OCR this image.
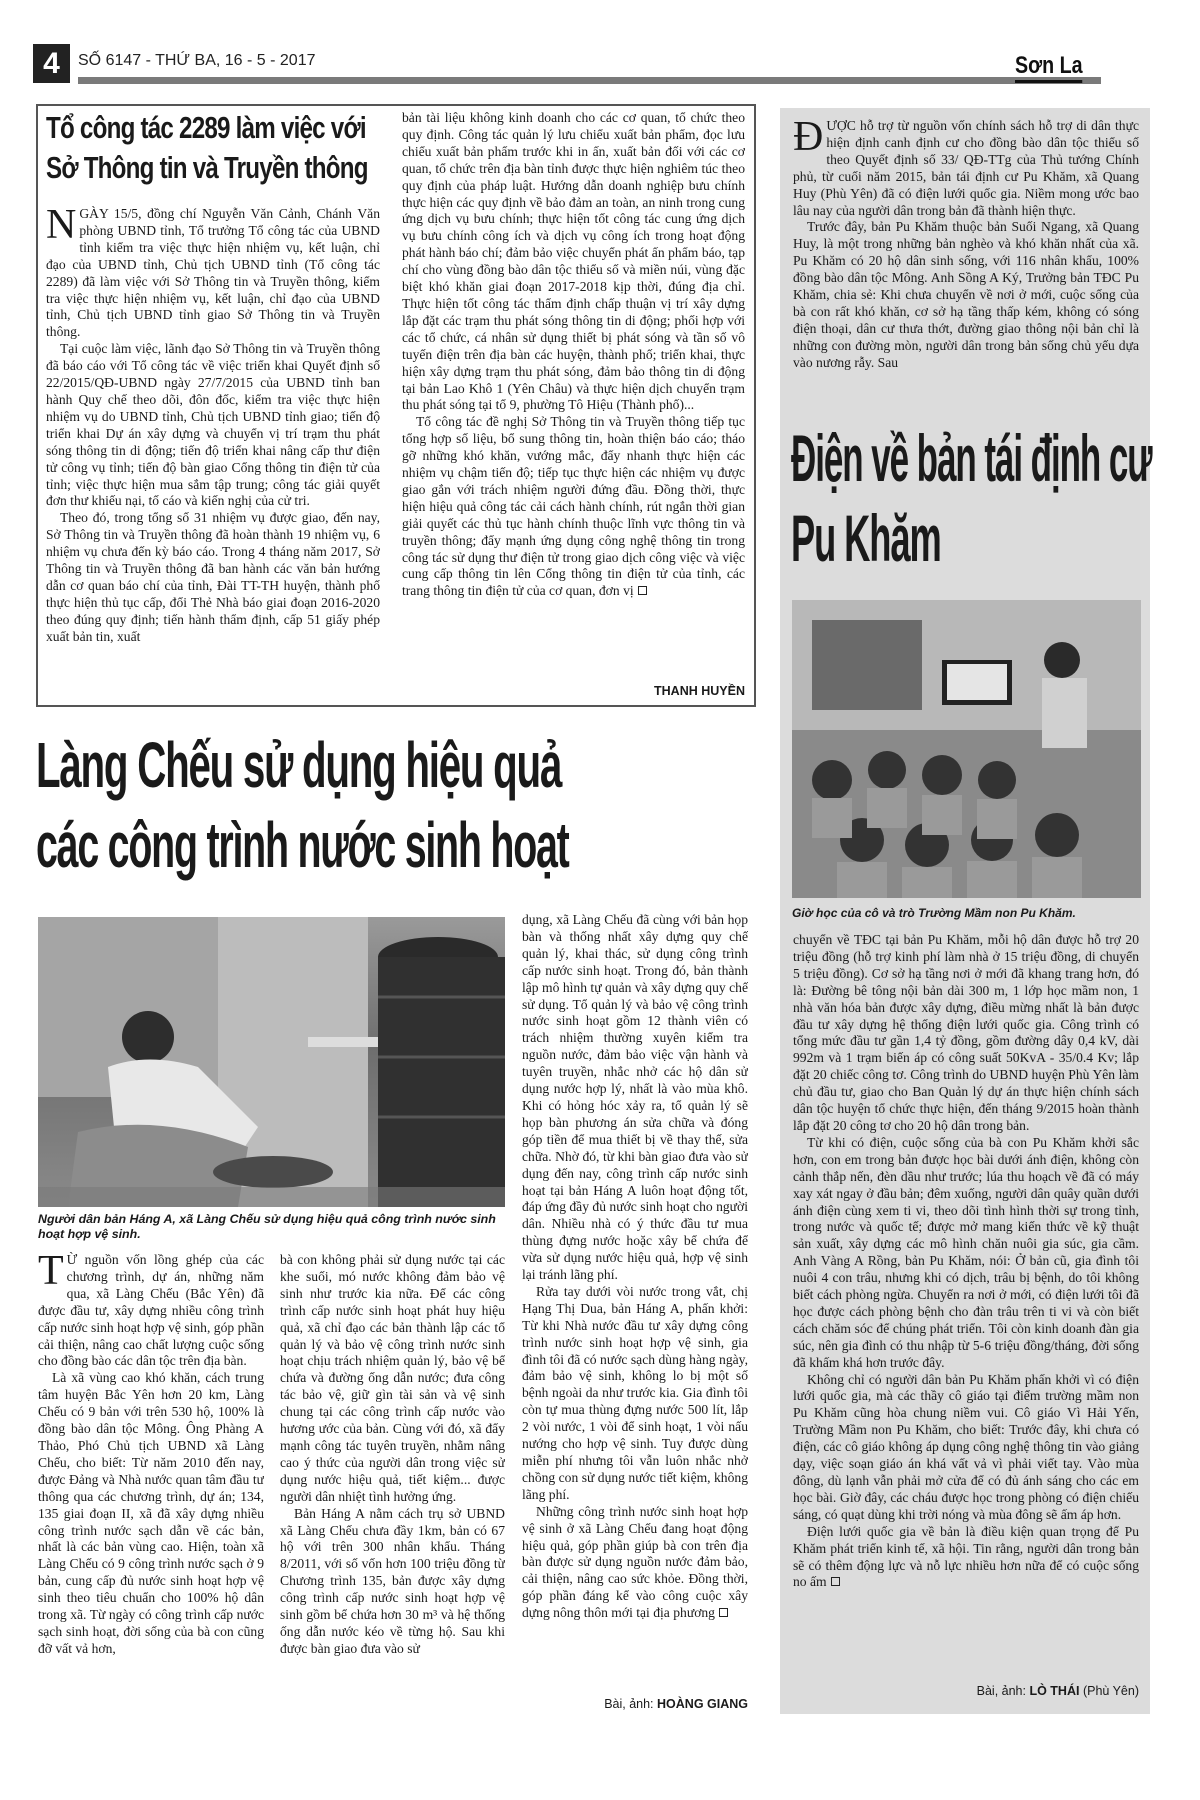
4	SỐ 6147 - THỨ BA, 16 - 5 - 2017	Sơn La
Tổ công tác 2289 làm việc với
Sở Thông tin và Truyền thông

NGÀY 15/5, đồng chí Nguyễn Văn Cảnh, Chánh Văn phòng UBND tỉnh, Tổ trưởng Tổ công tác của UBND tỉnh kiểm tra việc thực hiện nhiệm vụ, kết luận, chỉ đạo của UBND tỉnh, Chủ tịch UBND tỉnh (Tổ công tác 2289) đã làm việc với Sở Thông tin và Truyền thông, kiểm tra việc thực hiện nhiệm vụ, kết luận, chỉ đạo của UBND tỉnh, Chủ tịch UBND tỉnh giao Sở Thông tin và Truyền thông.

Tại cuộc làm việc, lãnh đạo Sở Thông tin và Truyền thông đã báo cáo với Tổ công tác về việc triển khai Quyết định số 22/2015/QĐ-UBND ngày 27/7/2015 của UBND tỉnh ban hành Quy chế theo dõi, đôn đốc, kiểm tra việc thực hiện nhiệm vụ do UBND tỉnh, Chủ tịch UBND tỉnh giao; tiến độ triển khai Dự án xây dựng và chuyển vị trí trạm thu phát sóng thông tin di động; tiến độ triển khai nâng cấp thư điện tử công vụ tỉnh; tiến độ bàn giao Cổng thông tin điện tử của tỉnh; việc thực hiện mua sắm tập trung; công tác giải quyết đơn thư khiếu nại, tố cáo và kiến nghị của cử tri.

Theo đó, trong tổng số 31 nhiệm vụ được giao, đến nay, Sở Thông tin và Truyền thông đã hoàn thành 19 nhiệm vụ, 6 nhiệm vụ chưa đến kỳ báo cáo. Trong 4 tháng năm 2017, Sở Thông tin và Truyền thông đã ban hành các văn bản hướng dẫn cơ quan báo chí của tỉnh, Đài TT-TH huyện, thành phố thực hiện thủ tục cấp, đổi Thẻ Nhà báo giai đoạn 2016-2020 theo đúng quy định; tiến hành thẩm định, cấp 51 giấy phép xuất bản tin, xuất

bản tài liệu không kinh doanh cho các cơ quan, tổ chức theo quy định. Công tác quản lý lưu chiểu xuất bản phẩm, đọc lưu chiểu xuất bản phẩm trước khi in ấn, xuất bản đối với các cơ quan, tổ chức trên địa bàn tỉnh được thực hiện nghiêm túc theo quy định của pháp luật. Hướng dẫn doanh nghiệp bưu chính thực hiện các quy định về bảo đảm an toàn, an ninh trong cung ứng dịch vụ bưu chính; thực hiện tốt công tác cung ứng dịch vụ bưu chính công ích và dịch vụ công ích trong hoạt động phát hành báo chí; đảm bảo việc chuyển phát ấn phẩm báo, tạp chí cho vùng đồng bào dân tộc thiểu số và miền núi, vùng đặc biệt khó khăn giai đoạn 2017-2018 kịp thời, đúng địa chỉ. Thực hiện tốt công tác thẩm định chấp thuận vị trí xây dựng lắp đặt các trạm thu phát sóng thông tin di động; phối hợp với các tổ chức, cá nhân sử dụng thiết bị phát sóng và tần số vô tuyến điện trên địa bàn các huyện, thành phố; triển khai, thực hiện xây dựng trạm thu phát sóng, đảm bảo thông tin di động tại bản Lao Khô 1 (Yên Châu) và thực hiện dịch chuyển trạm thu phát sóng tại tổ 9, phường Tô Hiệu (Thành phố)...

Tổ công tác đề nghị Sở Thông tin và Truyền thông tiếp tục tổng hợp số liệu, bổ sung thông tin, hoàn thiện báo cáo; tháo gỡ những khó khăn, vướng mắc, đẩy nhanh thực hiện các nhiệm vụ chậm tiến độ; tiếp tục thực hiện các nhiệm vụ được giao gắn với trách nhiệm người đứng đầu. Đồng thời, thực hiện hiệu quả công tác cải cách hành chính, rút ngắn thời gian giải quyết các thủ tục hành chính thuộc lĩnh vực thông tin và truyền thông; đẩy mạnh ứng dụng công nghệ thông tin trong công tác sử dụng thư điện tử trong giao dịch công việc và việc cung cấp thông tin lên Cổng thông tin điện tử của tỉnh, các trang thông tin điện tử của cơ quan, đơn vị

THANH HUYỀN
Làng Chếu sử dụng hiệu quả
các công trình nước sinh hoạt
Người dân bản Háng A, xã Làng Chếu sử dụng hiệu quả công trình nước sinh hoạt hợp vệ sinh.

T Ừ nguồn vốn lồng ghép của các chương trình, dự án, những năm qua, xã Làng Chếu (Bắc Yên) đã được đầu tư, xây dựng nhiều công trình cấp nước sinh hoạt hợp vệ sinh, góp phần cải thiện, nâng cao chất lượng cuộc sống cho đồng bào các dân tộc trên địa bàn.

Là xã vùng cao khó khăn, cách trung tâm huyện Bắc Yên hơn 20 km, Làng Chếu có 9 bản với trên 530 hộ, 100% là đồng bào dân tộc Mông. Ông Phàng A Thảo, Phó Chủ tịch UBND xã Làng Chếu, cho biết: Từ năm 2010 đến nay, được Đảng và Nhà nước quan tâm đầu tư thông qua các chương trình, dự án; 134, 135 giai đoạn II, xã đã xây dựng nhiều công trình nước sạch dẫn về các bản, nhất là các bản vùng cao. Hiện, toàn xã Làng Chếu có 9 công trình nước sạch ở 9 bản, cung cấp đủ nước sinh hoạt hợp vệ sinh theo tiêu chuẩn cho 100% hộ dân trong xã. Từ ngày có công trình cấp nước sạch sinh hoạt, đời sống của bà con cũng đỡ vất vả hơn,

bà con không phải sử dụng nước tại các khe suối, mó nước không đảm bảo vệ sinh như trước kia nữa. Để các công trình cấp nước sinh hoạt phát huy hiệu quả, xã chỉ đạo các bản thành lập các tổ quản lý và bảo vệ công trình nước sinh hoạt chịu trách nhiệm quản lý, bảo vệ bể chứa và đường ống dẫn nước; đưa công tác bảo vệ, giữ gìn tài sản và vệ sinh chung tại các công trình cấp nước vào hương ước của bản. Cùng với đó, xã đẩy mạnh công tác tuyên truyền, nhằm nâng cao ý thức của người dân trong việc sử dụng nước hiệu quả, tiết kiệm... được người dân nhiệt tình hưởng ứng.

Bản Háng A nằm cách trụ sở UBND xã Làng Chếu chưa đầy 1km, bản có 67 hộ với trên 300 nhân khẩu. Tháng 8/2011, với số vốn hơn 100 triệu đồng từ Chương trình 135, bản được xây dựng công trình cấp nước sinh hoạt hợp vệ sinh gồm bể chứa hơn 30 m³ và hệ thống ống dẫn nước kéo về từng hộ. Sau khi được bàn giao đưa vào sử

dụng, xã Làng Chếu đã cùng với bản họp bàn và thống nhất xây dựng quy chế quản lý, khai thác, sử dụng công trình cấp nước sinh hoạt. Trong đó, bản thành lập mô hình tự quản và xây dựng quy chế sử dụng. Tổ quản lý và bảo vệ công trình nước sinh hoạt gồm 12 thành viên có trách nhiệm thường xuyên kiểm tra nguồn nước, đảm bảo việc vận hành và tuyên truyền, nhắc nhở các hộ dân sử dụng nước hợp lý, nhất là vào mùa khô. Khi có hỏng hóc xảy ra, tổ quản lý sẽ họp bàn phương án sửa chữa và đóng góp tiền để mua thiết bị về thay thế, sửa chữa. Nhờ đó, từ khi bàn giao đưa vào sử dụng đến nay, công trình cấp nước sinh hoạt tại bản Háng A luôn hoạt động tốt, đáp ứng đầy đủ nước sinh hoạt cho người dân. Nhiều nhà có ý thức đầu tư mua thùng đựng nước hoặc xây bể chứa để vừa sử dụng nước hiệu quả, hợp vệ sinh lại tránh lãng phí.

Rửa tay dưới vòi nước trong vắt, chị Hạng Thị Dua, bản Háng A, phấn khởi: Từ khi Nhà nước đầu tư xây dựng công trình nước sinh hoạt hợp vệ sinh, gia đình tôi đã có nước sạch dùng hàng ngày, đảm bảo vệ sinh, không lo bị một số bệnh ngoài da như trước kia. Gia đình tôi còn tự mua thùng đựng nước 500 lít, lắp 2 vòi nước, 1 vòi để sinh hoạt, 1 vòi nấu nướng cho hợp vệ sinh. Tuy được dùng miễn phí nhưng tôi vẫn luôn nhắc nhở chồng con sử dụng nước tiết kiệm, không lãng phí.

Những công trình nước sinh hoạt hợp vệ sinh ở xã Làng Chếu đang hoạt động hiệu quả, góp phần giúp bà con trên địa bàn được sử dụng nguồn nước đảm bảo, cải thiện, nâng cao sức khỏe. Đồng thời, góp phần đáng kể vào công cuộc xây dựng nông thôn mới tại địa phương

Bài, ảnh: HOÀNG GIANG

ĐƯỢC hỗ trợ từ nguồn vốn chính sách hỗ trợ di dân thực hiện định canh định cư cho đồng bào dân tộc thiểu số theo Quyết định số 33/ QĐ-TTg của Thủ tướng Chính phủ, từ cuối năm 2015, bản tái định cư Pu Khăm, xã Quang Huy (Phù Yên) đã có điện lưới quốc gia. Niềm mong ước bao lâu nay của người dân trong bản đã thành hiện thực.

Trước đây, bản Pu Khăm thuộc bản Suối Ngang, xã Quang Huy, là một trong những bản nghèo và khó khăn nhất của xã. Pu Khăm có 20 hộ dân sinh sống, với 116 nhân khẩu, 100% đồng bào dân tộc Mông. Anh Sồng A Ký, Trưởng bản TĐC Pu Khăm, chia sẻ: Khi chưa chuyển về nơi ở mới, cuộc sống của bà con rất khó khăn, cơ sở hạ tầng thấp kém, không có sóng điện thoại, dân cư thưa thớt, đường giao thông nội bản chỉ là những con đường mòn, người dân trong bản sống chủ yếu dựa vào nương rẫy. Sau

Điện về bản tái định cư
Pu Khăm
Giờ học của cô và trò Trường Mầm non Pu Khăm.

chuyển về TĐC tại bản Pu Khăm, mỗi hộ dân được hỗ trợ 20 triệu đồng (hỗ trợ kinh phí làm nhà ở 15 triệu đồng, di chuyển 5 triệu đồng). Cơ sở hạ tầng nơi ở mới đã khang trang hơn, đó là: Đường bê tông nội bản dài 300 m, 1 lớp học mầm non, 1 nhà văn hóa bản được xây dựng, điều mừng nhất là bản được đầu tư xây dựng hệ thống điện lưới quốc gia. Công trình có tổng mức đầu tư gần 1,4 tỷ đồng, gồm đường dây 0,4 kV, dài 992m và 1 trạm biến áp có công suất 50KvA - 35/0.4 Kv; lắp đặt 20 chiếc công tơ. Công trình do UBND huyện Phù Yên làm chủ đầu tư, giao cho Ban Quản lý dự án thực hiện chính sách dân tộc huyện tổ chức thực hiện, đến tháng 9/2015 hoàn thành lắp đặt 20 công tơ cho 20 hộ dân trong bản.

Từ khi có điện, cuộc sống của bà con Pu Khăm khởi sắc hơn, con em trong bản được học bài dưới ánh điện, không còn cảnh thắp nến, đèn dầu như trước; lúa thu hoạch về đã có máy xay xát ngay ở đầu bản; đêm xuống, người dân quây quần dưới ánh điện cùng xem ti vi, theo dõi tình hình thời sự trong tỉnh, trong nước và quốc tế; được mở mang kiến thức về kỹ thuật sản xuất, xây dựng các mô hình chăn nuôi gia súc, gia cầm. Anh Vàng A Rồng, bản Pu Khăm, nói: Ở bản cũ, gia đình tôi nuôi 4 con trâu, nhưng khi có dịch, trâu bị bệnh, do tôi không biết cách phòng ngừa. Chuyển ra nơi ở mới, có điện lưới tôi đã học được cách phòng bệnh cho đàn trâu trên ti vi và còn biết cách chăm sóc để chúng phát triển. Tôi còn kinh doanh đàn gia súc, nên gia đình có thu nhập từ 5-6 triệu đồng/tháng, đời sống đã khấm khá hơn trước đây.

Không chỉ có người dân bản Pu Khăm phấn khởi vì có điện lưới quốc gia, mà các thầy cô giáo tại điểm trường mầm non Pu Khăm cũng hòa chung niềm vui. Cô giáo Vì Hải Yến, Trường Mầm non Pu Khăm, cho biết: Trước đây, khi chưa có điện, các cô giáo không áp dụng công nghệ thông tin vào giảng dạy, việc soạn giáo án khá vất vả vì phải viết tay. Vào mùa đông, dù lạnh vẫn phải mở cửa để có đủ ánh sáng cho các em học bài. Giờ đây, các cháu được học trong phòng có điện chiếu sáng, có quạt dùng khi trời nóng và mùa đông sẽ ấm áp hơn.

Điện lưới quốc gia về bản là điều kiện quan trọng để Pu Khăm phát triển kinh tế, xã hội. Tin rằng, người dân trong bản sẽ có thêm động lực và nỗ lực nhiều hơn nữa để có cuộc sống no ấm

Bài, ảnh: LÒ THÁI (Phù Yên)
